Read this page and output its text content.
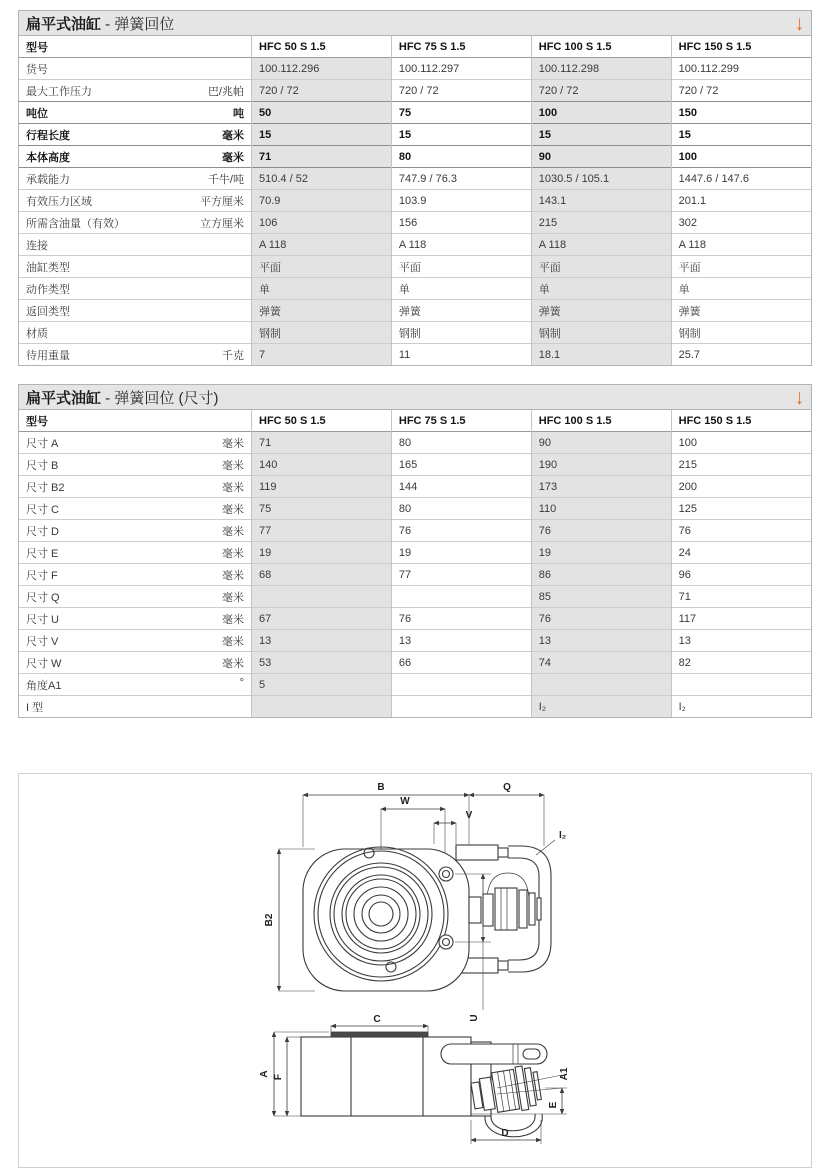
扁平式油缸 - 弹簧回位	↓
型号	HFC 50 S 1.5	HFC 75 S 1.5	HFC 100 S 1.5	HFC 150 S 1.5

货号	100.112.296	100.112.297	100.112.298	100.112.299

最大工作压力 巴/兆帕	720 / 72	720 / 72	720 / 72	720 / 72

吨位 吨	50	75	100	150

行程长度 毫米	15	15	15	15

本体高度 毫米	71	80	90	100

承载能力 千牛/吨	510.4 / 52	747.9 / 76.3	1030.5 / 105.1	1447.6 / 147.6

有效压力区域 平方厘米	70.9	103.9	143.1	201.1

所需含油量（有效） 立方厘米	106	156	215	302

连接	A 118	A 118	A 118	A 118

油缸类型	平面	平面	平面	平面

动作类型	单	单	单	单

返回类型	弹簧	弹簧	弹簧	弹簧

材质	钢制	钢制	钢制	钢制

待用重量 千克	7	11	18.1	25.7
扁平式油缸 - 弹簧回位 (尺寸)	↓
型号	HFC 50 S 1.5	HFC 75 S 1.5	HFC 100 S 1.5	HFC 150 S 1.5

尺寸 A 毫米	71	80	90	100

尺寸 B 毫米	140	165	190	215

尺寸 B2 毫米	119	144	173	200

尺寸 C 毫米	75	80	110	125

尺寸 D 毫米	77	76	76	76

尺寸 E 毫米	19	19	19	24

尺寸 F 毫米	68	77	86	96

尺寸 Q 毫米			85	71

尺寸 U 毫米	67	76	76	117

尺寸 V 毫米	13	13	13	13

尺寸 W 毫米	53	66	74	82

角度A1 °	5			

I 型			I₂	I₂
B	Q
W
V
B2
U
I₂
C
A F	A1
E
D
